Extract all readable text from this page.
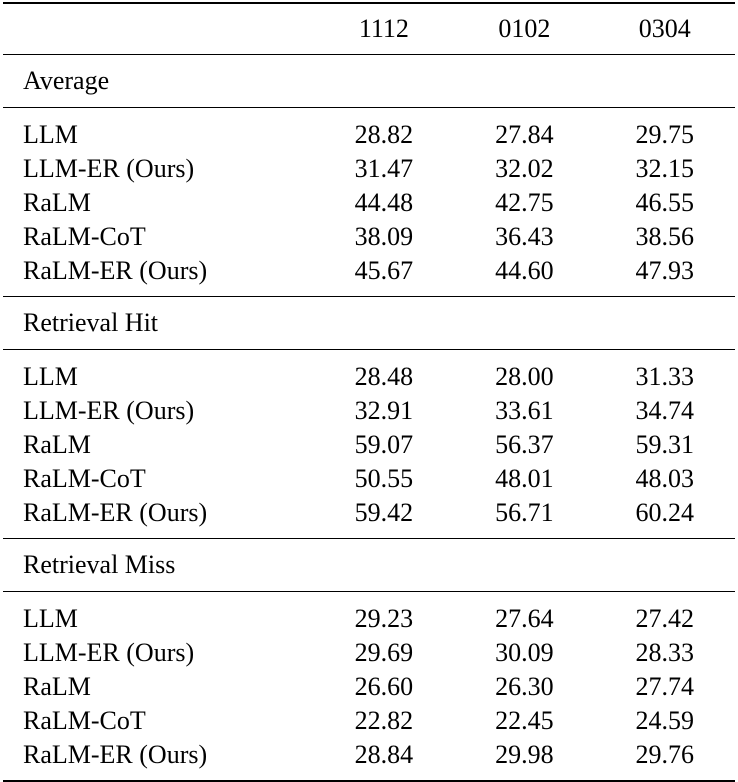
	1112	0102	0304
Average			
LLM	28.82	27.84	29.75
LLM-ER (Ours)	31.47	32.02	32.15
RaLM	44.48	42.75	46.55
RaLM-CoT	38.09	36.43	38.56
RaLM-ER (Ours)	45.67	44.60	47.93
Retrieval Hit			
LLM	28.48	28.00	31.33
LLM-ER (Ours)	32.91	33.61	34.74
RaLM	59.07	56.37	59.31
RaLM-CoT	50.55	48.01	48.03
RaLM-ER (Ours)	59.42	56.71	60.24
Retrieval Miss			
LLM	29.23	27.64	27.42
LLM-ER (Ours)	29.69	30.09	28.33
RaLM	26.60	26.30	27.74
RaLM-CoT	22.82	22.45	24.59
RaLM-ER (Ours)	28.84	29.98	29.76
